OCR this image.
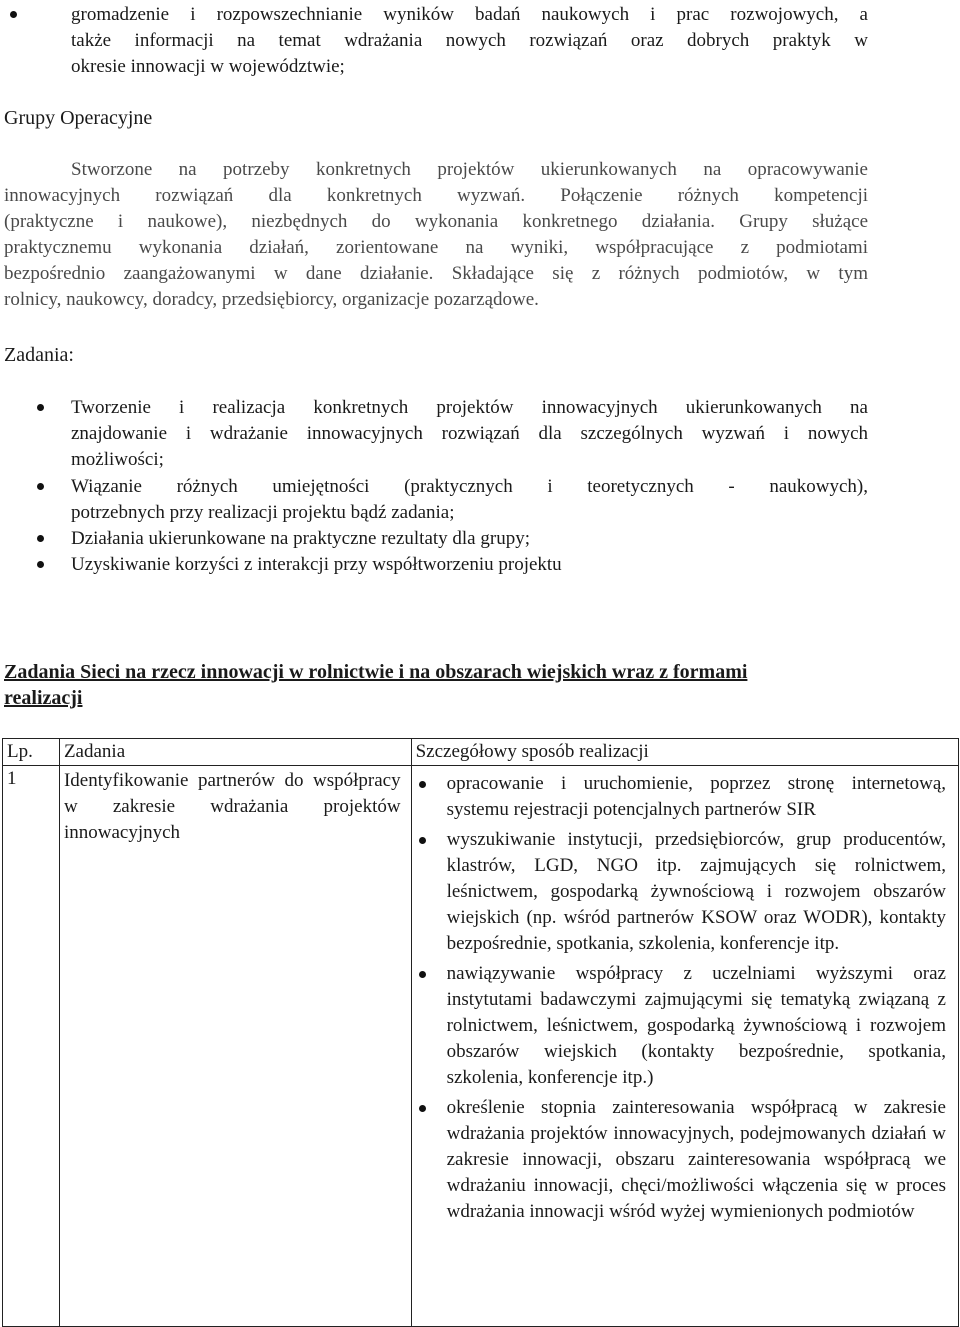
gromadzenie i rozpowszechnianie wyników badań naukowych i prac rozwojowych, a
także informacji na temat wdrażania nowych rozwiązań oraz dobrych praktyk w
okresie innowacji w województwie;
Grupy Operacyjne
Stworzone na potrzeby konkretnych projektów ukierunkowanych na opracowywanie
innowacyjnych rozwiązań dla konkretnych wyzwań. Połączenie różnych kompetencji
(praktyczne i naukowe), niezbędnych do wykonania konkretnego działania. Grupy służące
praktycznemu wykonania działań, zorientowane na wyniki, współpracujące z podmiotami
bezpośrednio zaangażowanymi w dane działanie. Składające się z różnych podmiotów, w tym
rolnicy, naukowcy, doradcy, przedsiębiorcy, organizacje pozarządowe.
Zadania:
Tworzenie i realizacja konkretnych projektów innowacyjnych ukierunkowanych na
znajdowanie i wdrażanie innowacyjnych rozwiązań dla szczególnych wyzwań i nowych
możliwości;
Wiązanie różnych umiejętności (praktycznych i teoretycznych - naukowych),
potrzebnych przy realizacji projektu bądź zadania;
Działania ukierunkowane na praktyczne rezultaty dla grupy;
Uzyskiwanie korzyści z interakcji przy współtworzeniu projektu
Zadania Sieci na rzecz innowacji w rolnictwie i na obszarach wiejskich wraz z formami
realizacji
Lp.	Zadania	Szczegółowy sposób realizacji
1	Identyfikowanie partnerów do współpracy w zakresie wdrażania projektów innowacyjnych	opracowanie i uruchomienie, poprzez stronę internetową, systemu rejestracji potencjalnych partnerów SIR
wyszukiwanie instytucji, przedsiębiorców, grup producentów, klastrów, LGD, NGO itp. zajmujących się rolnictwem, leśnictwem, gospodarką żywnościową i rozwojem obszarów wiejskich (np. wśród partnerów KSOW oraz WODR), kontakty bezpośrednie, spotkania, szkolenia, konferencje itp.
nawiązywanie współpracy z uczelniami wyższymi oraz instytutami badawczymi zajmującymi się tematyką związaną z rolnictwem, leśnictwem, gospodarką żywnościową i rozwojem obszarów wiejskich (kontakty bezpośrednie, spotkania, szkolenia, konferencje itp.)
określenie stopnia zainteresowania współpracą w zakresie wdrażania projektów innowacyjnych, podejmowanych działań w zakresie innowacji, obszaru zainteresowania współpracą we wdrażaniu innowacji, chęci/możliwości włączenia się w proces wdrażania innowacji wśród wyżej wymienionych podmiotów
